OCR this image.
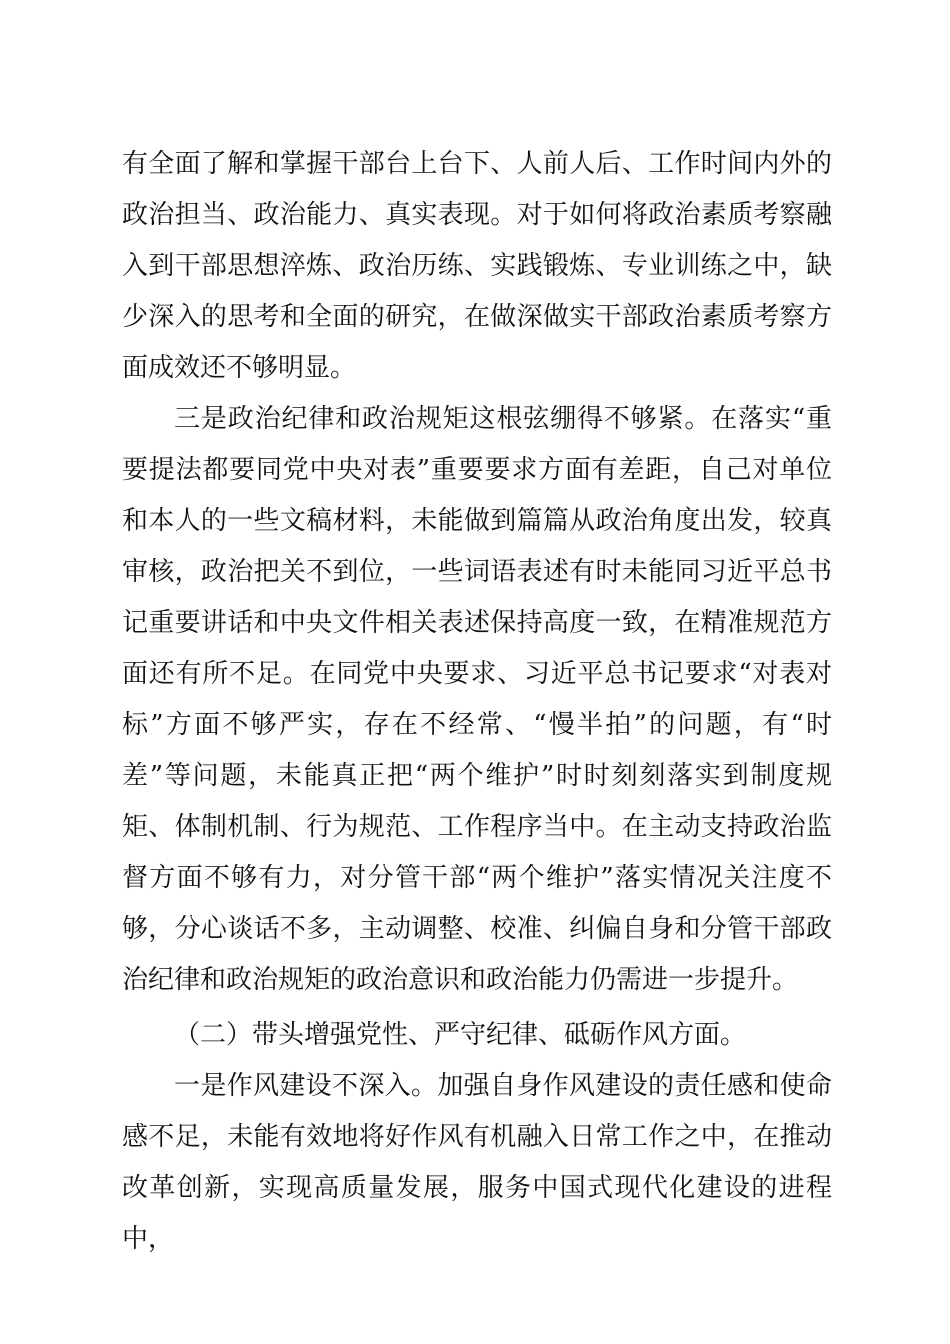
有全面了解和掌握干部台上台下、人前人后、工作时间内外的政治担当、政治能力、真实表现。对于如何将政治素质考察融入到干部思想淬炼、政治历练、实践锻炼、专业训练之中，缺少深入的思考和全面的研究，在做深做实干部政治素质考察方面成效还不够明显。

三是政治纪律和政治规矩这根弦绷得不够紧。在落实“重要提法都要同党中央对表”重要要求方面有差距，自己对单位和本人的一些文稿材料，未能做到篇篇从政治角度出发，较真审核，政治把关不到位，一些词语表述有时未能同习近平总书记重要讲话和中央文件相关表述保持高度一致，在精准规范方面还有所不足。在同党中央要求、习近平总书记要求“对表对标”方面不够严实，存在不经常、“慢半拍”的问题，有“时差”等问题，未能真正把“两个维护”时时刻刻落实到制度规矩、体制机制、行为规范、工作程序当中。在主动支持政治监督方面不够有力，对分管干部“两个维护”落实情况关注度不够，分心谈话不多，主动调整、校准、纠偏自身和分管干部政治纪律和政治规矩的政治意识和政治能力仍需进一步提升。

（二）带头增强党性、严守纪律、砥砺作风方面。

一是作风建设不深入。加强自身作风建设的责任感和使命感不足，未能有效地将好作风有机融入日常工作之中，在推动改革创新，实现高质量发展，服务中国式现代化建设的进程中，
